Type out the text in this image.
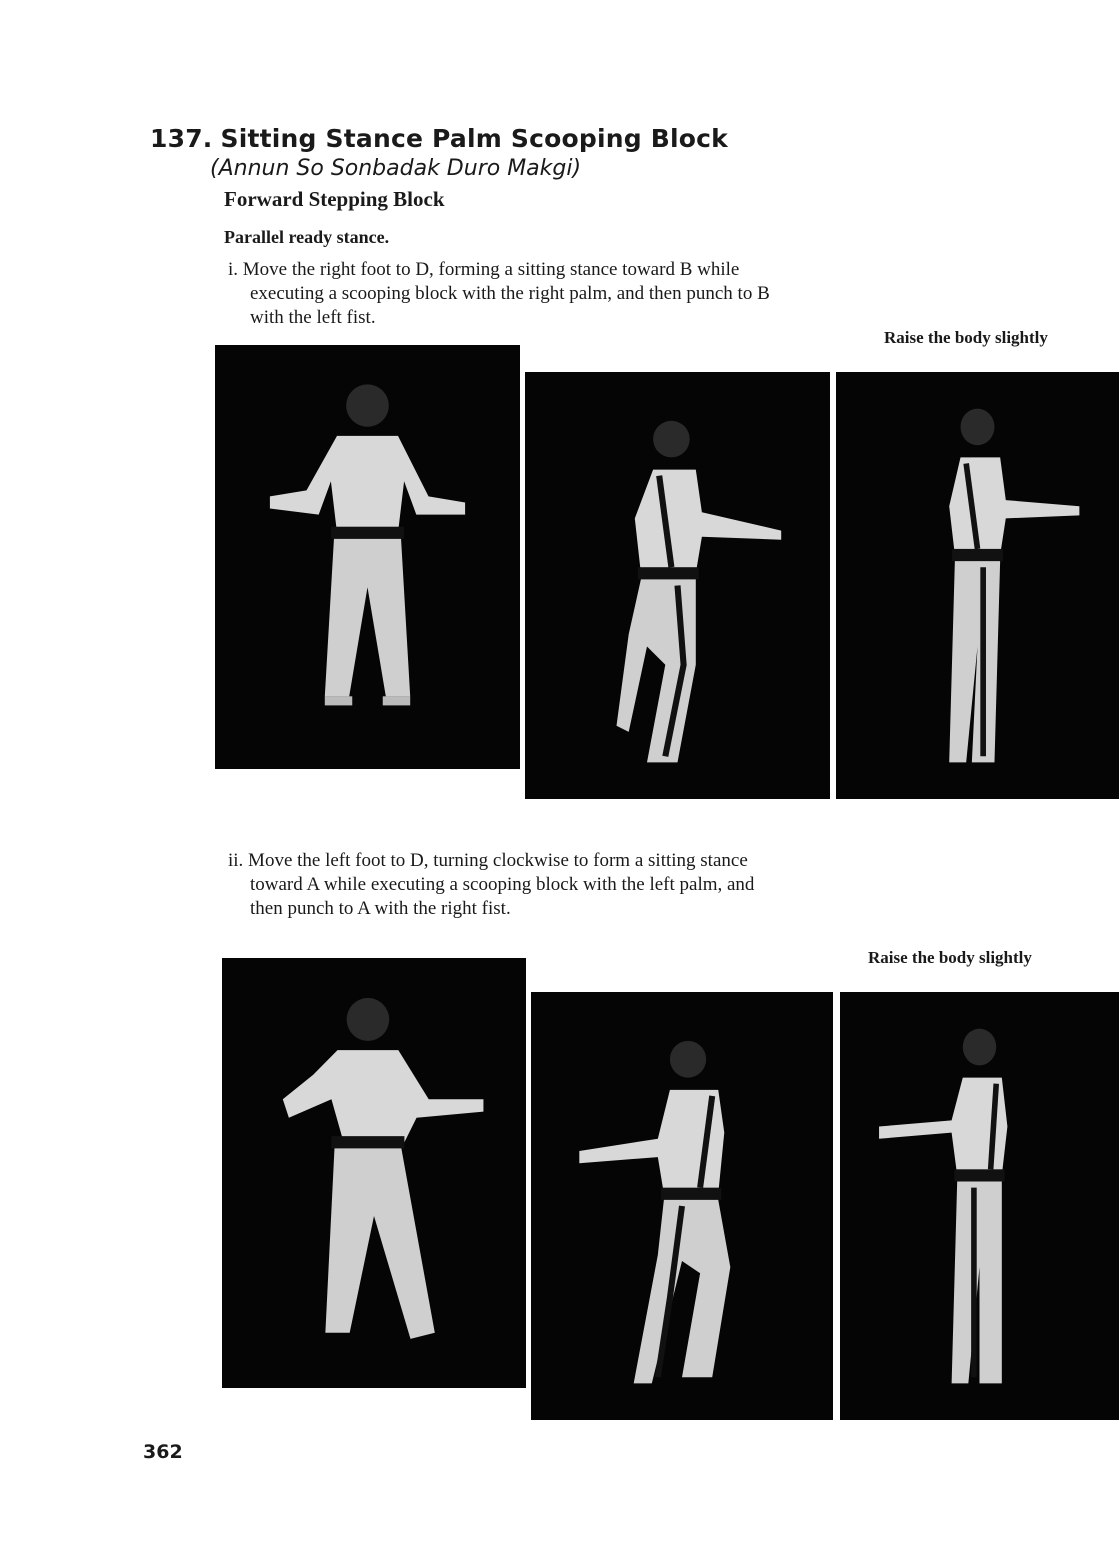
137. Sitting Stance Palm Scooping Block
(Annun So Sonbadak Duro Makgi)
Forward Stepping Block
Parallel ready stance.
i. Move the right foot to D, forming a sitting stance toward B while
executing a scooping block with the right palm, and then punch to B
with the left fist.
Raise the body slightly
ii. Move the left foot to D, turning clockwise to form a sitting stance
toward A while executing a scooping block with the left palm, and
then punch to A with the right fist.
Raise the body slightly
362
